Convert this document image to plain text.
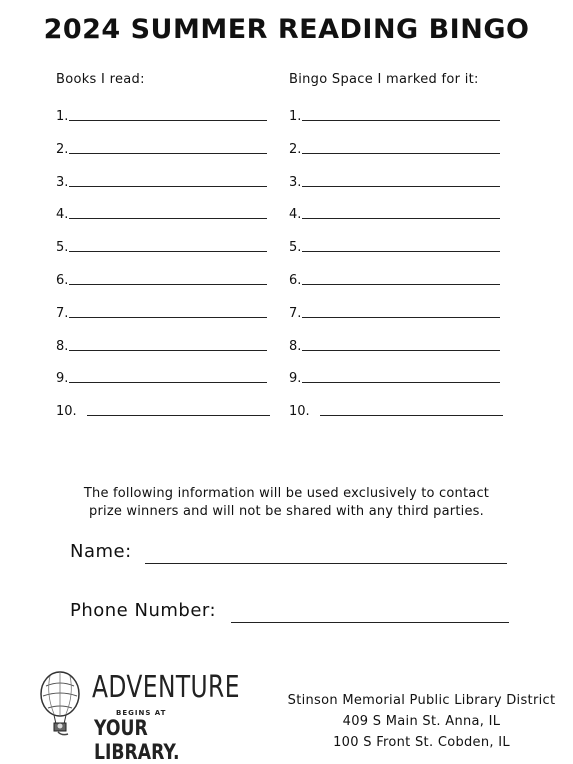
2024 SUMMER READING BINGO
Books I read:	Bingo Space I marked for it:
1.	1.
2.	2.
3.	3.
4.	4.
5.	5.
6.	6.
7.	7.
8.	8.
9.	9.
10.	10.
The following information will be used exclusively to contact
prize winners and will not be shared with any third parties.
Name:
Phone Number:
ADVENTURE
BEGINS AT
YOUR LIBRARY.
Stinson Memorial Public Library District
409 S Main St. Anna, IL
100 S Front St. Cobden, IL
